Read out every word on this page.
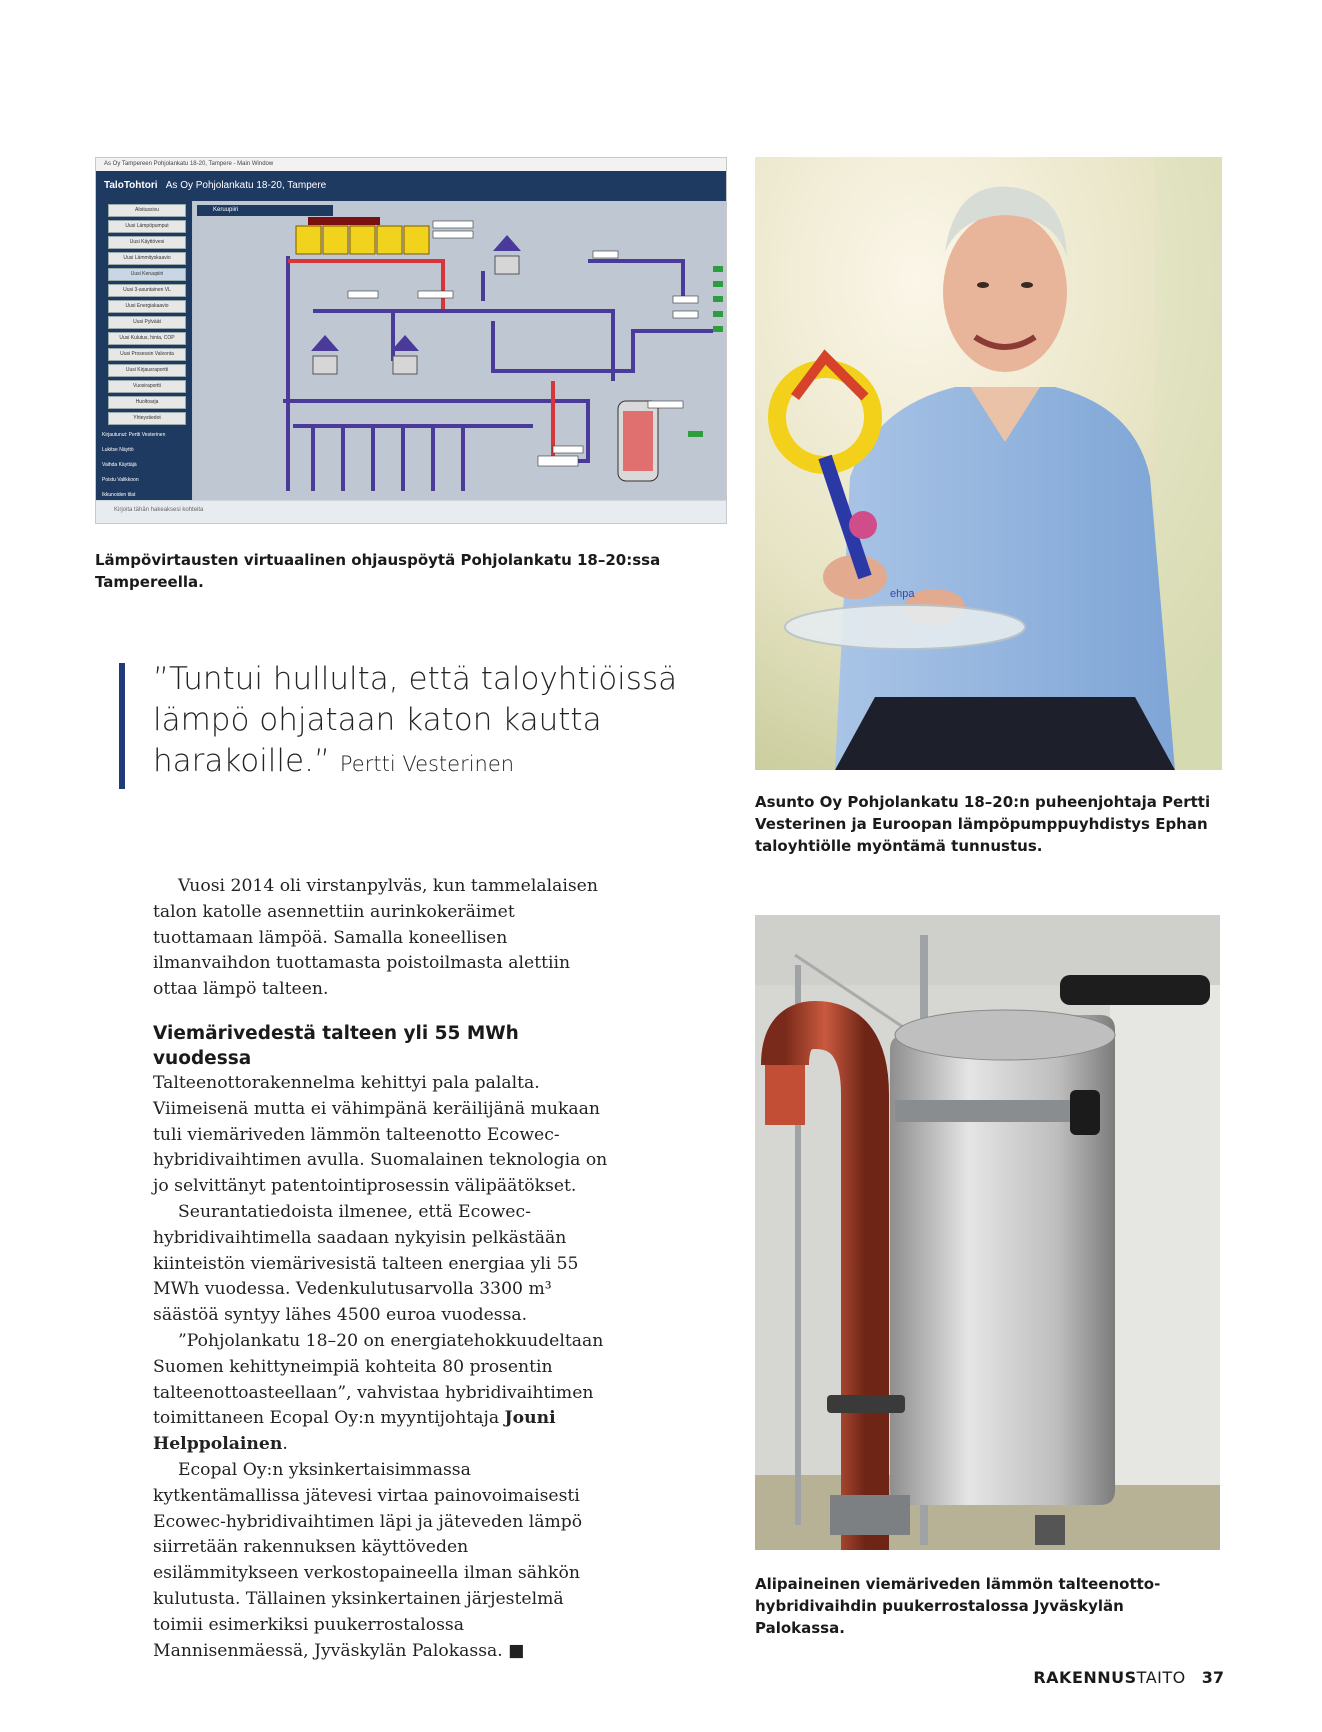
As Oy Tampereen Pohjolankatu 18-20, Tampere - Main Window
TaloTohtori As Oy Pohjolankatu 18-20, Tampere
Aloitussivu
Uusi Lämpöpumput
Uusi Käyttövesi
Uusi Lämmityskaavio
Uusi Keruupiiri
Uusi 3-asuntainen VL
Uusi Energiakaavio
Uusi Pylväät
Uusi Kulutus, hinta, COP
Uusi Prosessin Valvonta
Uusi Kirjausraportti
Vuosiraportti
Huoltoarja
Yhteystiedot
Kirjautunut: Pertti Vesterinen
Lukitse Näyttö
Vaihda Käyttäjä
Poistu Valikkoon
Ikkunoiden tilat

Keruupiiri
Kirjoita tähän hakeaksesi kohteita
Lämpövirtausten virtuaalinen ohjauspöytä Pohjolankatu 18–20:ssa Tampereella.
”Tuntui hullulta, että taloyhtiöissä lämpö ohjataan katon kautta harakoille.” Pertti Vesterinen

Vuosi 2014 oli virstanpylväs, kun tammelalaisen talon katolle asennettiin aurinkokeräimet tuottamaan lämpöä. Samalla koneellisen ilmanvaihdon tuottamasta poistoilmasta alettiin ottaa lämpö talteen.

Viemärivedestä talteen yli 55 MWh vuodessa

Talteenottorakennelma kehittyi pala palalta. Viimeisenä mutta ei vähimpänä keräilijänä mukaan tuli viemäriveden lämmön talteenotto Ecowec-hybridivaihtimen avulla. Suomalainen teknologia on jo selvittänyt patentointiprosessin välipäätökset.

Seurantatiedoista ilmenee, että Ecowec-hybridivaihtimella saadaan nykyisin pelkästään kiinteistön viemärivesistä talteen energiaa yli 55 MWh vuodessa. Vedenkulutusarvolla 3300 m³ säästöä syntyy lähes 4500 euroa vuodessa.

”Pohjolankatu 18–20 on energiatehokkuudeltaan Suomen kehittyneimpiä kohteita 80 prosentin talteenottoasteellaan”, vahvistaa hybridivaihtimen toimittaneen Ecopal Oy:n myyntijohtaja Jouni Helppolainen.

Ecopal Oy:n yksinkertaisimmassa kytkentämallissa jätevesi virtaa painovoimaisesti Ecowec-hybridivaihtimen läpi ja jäteveden lämpö siirretään rakennuksen käyttöveden esilämmitykseen verkostopaineella ilman sähkön kulutusta. Tällainen yksinkertainen järjestelmä toimii esimerkiksi puukerrostalossa Mannisenmäessä, Jyväskylän Palokassa. ■

ehpa
Asunto Oy Pohjolankatu 18–20:n puheenjohtaja Pertti Vesterinen ja Euroopan lämpöpumppuyhdistys Ephan taloyhtiölle myöntämä tunnustus.
Alipaineinen viemäriveden lämmön talteenotto-hybridivaihdin puukerrostalossa Jyväskylän Palokassa.
RAKENNUSTAITO 37
